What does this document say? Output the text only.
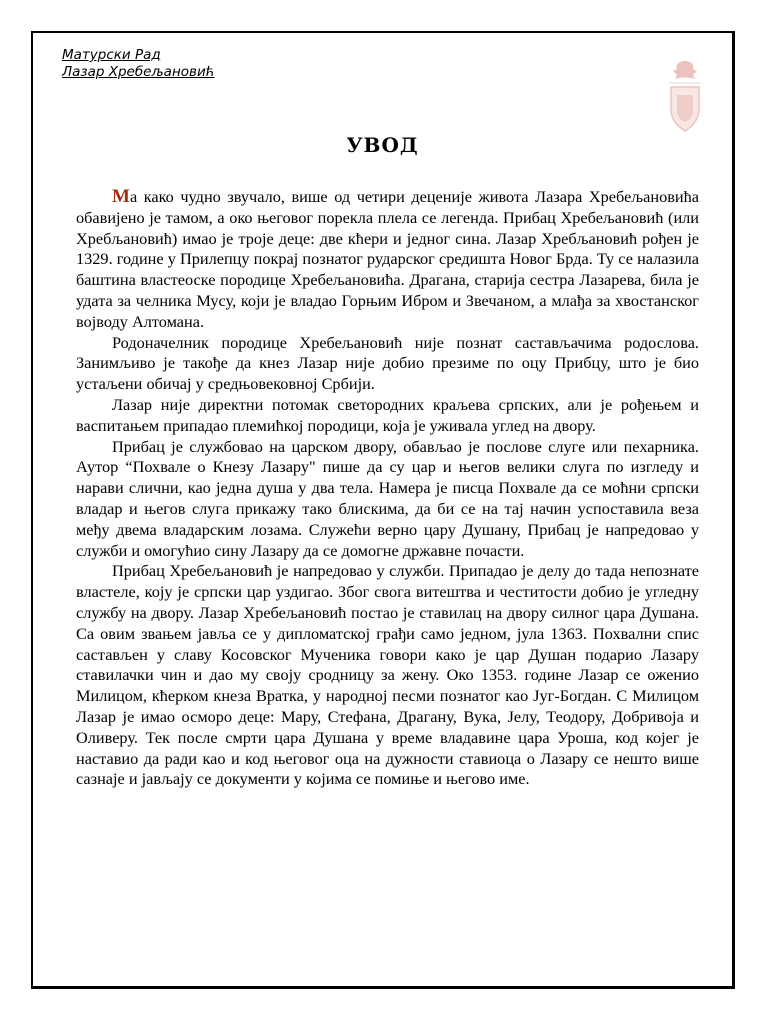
Матурски Рад
Лазар Хребељановић
УВОД

Ма како чудно звучало, више од четири деценије живота Лазара Хребељановића обавијено је тамом, а око његовог порекла плела се легенда. Прибац Хребељановић (или Хребљановић) имао је троје деце: две кћери и једног сина. Лазар Хребљановић рођен је 1329. године у Прилепцу покрај познатог рударског средишта Новог Брда. Ту се налазила баштина властеоске породице Хребељановића. Драгана, старија сестра Лазарева, била је удата за челника Мусу, који је владао Горњим Ибром и Звечаном, а млађа за хвостанског војводу Алтомана.

Родоначелник породице Хребељановић није познат састављачима родослова. Занимљиво је такође да кнез Лазар није добио презиме по оцу Прибцу, што је био устаљени обичај у средњовековној Србији.

Лазар није директни потомак светородних краљева српских, али је рођењем и васпитањем припадао племићкој породици, која је уживала углед на двору.

Прибац је службовао на царском двору, обављао је послове слуге или пехарника. Аутор “Похвале о Кнезу Лазару" пише да су цар и његов велики слуга по изгледу и нарави слични, као једна душа у два тела. Намера је писца Похвале да се моћни српски владар и његов слуга прикажу тако блискима, да би се на тај начин успоставила веза међу двема владарским лозама. Служећи верно цару Душану, Прибац је напредовао у служби и омогућио сину Лазару да се домогне државне почасти.

Прибац Хребељановић је напредовао у служби. Припадао је делу до тада непознате властеле, коју је српски цар уздигао. Због свога витештва и честитости добио је угледну службу на двору. Лазар Хребељановић постао је ставилац на двору силног цара Душана. Са овим звањем јавља се у дипломатској грађи само једном, јула 1363. Похвални спис састављен у славу Косовског Мученика говори како је цар Душан подарио Лазару ставилачки чин и дао му своју сродницу за жену. Око 1353. године Лазар се оженио Милицом, кћерком кнеза Вратка, у народној песми познатог као Југ-Богдан. С Милицом Лазар је имао осморо деце: Мару, Стефана, Драгану, Вука, Јелу, Теодору, Добривоја и Оливеру. Тек после смрти цара Душана у време владавине цара Уроша, код којег је наставио да ради као и код његовог оца на дужности ставиоца о Лазару се нешто више сазнаје и јављају се документи у којима се помиње и његово име.
